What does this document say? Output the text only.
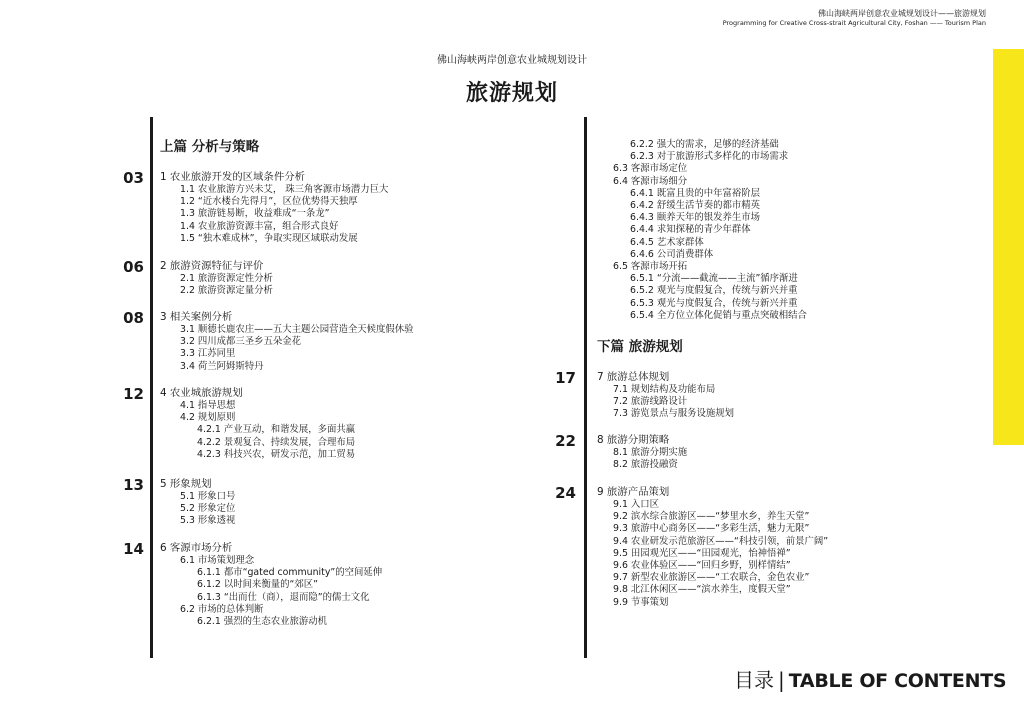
佛山海峡两岸创意农业城规划设计——旅游规划
Programming for Creative Cross-strait Agricultural City, Foshan —— Tourism Plan
佛山海峡两岸创意农业城规划设计
旅游规划
上篇 分析与策略
03 1 农业旅游开发的区域条件分析
1.1 农业旅游方兴未艾， 珠三角客源市场潜力巨大
1.2 “近水楼台先得月”，区位优势得天独厚
1.3 旅游链易断，收益难成“一条龙”
1.4 农业旅游资源丰富，组合形式良好
1.5 “独木难成林”，争取实现区域联动发展
06 2 旅游资源特征与评价
2.1 旅游资源定性分析
2.2 旅游资源定量分析
08 3 相关案例分析
3.1 顺德长鹿农庄——五大主题公园营造全天候度假休验
3.2 四川成都三圣乡五朵金花
3.3 江苏同里
3.4 荷兰阿姆斯特丹
12 4 农业城旅游规划
4.1 指导思想
4.2 规划原则
4.2.1 产业互动，和谐发展，多面共赢
4.2.2 景观复合、持续发展，合理布局
4.2.3 科技兴农，研发示范，加工贸易
13 5 形象规划
5.1 形象口号
5.2 形象定位
5.3 形象透视
14 6 客源市场分析
6.1 市场策划理念
6.1.1 都市“gated community”的空间延伸
6.1.2 以时间来衡量的“郊区”
6.1.3 “出而仕（商），退而隐”的儒士文化
6.2 市场的总体判断
6.2.1 强烈的生态农业旅游动机
6.2.2 强大的需求，足够的经济基础
6.2.3 对于旅游形式多样化的市场需求
6.3 客源市场定位
6.4 客源市场细分
6.4.1 既富且贵的中年富裕阶层
6.4.2 舒缓生活节奏的都市精英
6.4.3 颐养天年的银发养生市场
6.4.4 求知探秘的青少年群体
6.4.5 艺术家群体
6.4.6 公司消费群体
6.5 客源市场开拓
6.5.1 “分流——截流——主流”循序渐进
6.5.2 观光与度假复合，传统与新兴并重
6.5.3 观光与度假复合，传统与新兴并重
6.5.4 全方位立体化促销与重点突破相结合
下篇 旅游规划
17 7 旅游总体规划
7.1 规划结构及功能布局
7.2 旅游线路设计
7.3 游览景点与服务设施规划
22 8 旅游分期策略
8.1 旅游分期实施
8.2 旅游投融资
24 9 旅游产品策划
9.1 入口区
9.2 滨水综合旅游区——“梦里水乡，养生天堂”
9.3 旅游中心商务区——“多彩生活，魅力无限”
9.4 农业研发示范旅游区——“科技引领，前景广阔”
9.5 田园观光区——“田园观光，怡神悟禅”
9.6 农业体验区——“回归乡野，别样情结”
9.7 新型农业旅游区——“工农联合，金色农业”
9.8 北江休闲区——“滨水养生，度假天堂”
9.9 节事策划
目录 | TABLE OF CONTENTS
